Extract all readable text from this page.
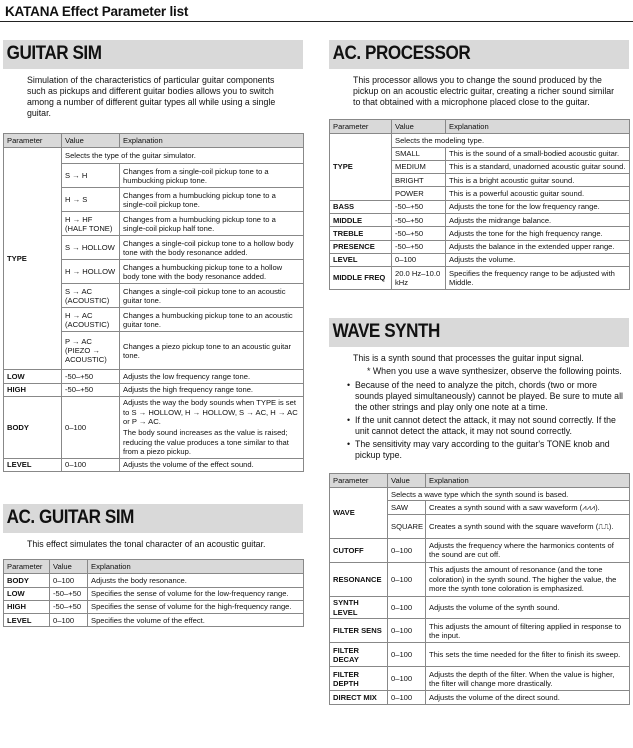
KATANA Effect Parameter list
GUITAR SIM
Simulation of the characteristics of particular guitar components such as pickups and different guitar bodies allows you to switch among a number of different guitar types all while using a single guitar.
Parameter	Value	Explanation
TYPE	Selects the type of the guitar simulator.	
	S → H	Changes from a single-coil pickup tone to a humbucking pickup tone.
	H → S	Changes from a humbucking pickup tone to a single-coil pickup tone.
	H → HF (HALF TONE)	Changes from a humbucking pickup tone to a single-coil pickup half tone.
	S → HOLLOW	Changes a single-coil pickup tone to a hollow body tone with the body resonance added.
	H → HOLLOW	Changes a humbucking pickup tone to a hollow body tone with the body resonance added.
	S → AC (ACOUSTIC)	Changes a single-coil pickup tone to an acoustic guitar tone.
	H → AC (ACOUSTIC)	Changes a humbucking pickup tone to an acoustic guitar tone.
	P → AC (PIEZO → ACOUSTIC)	Changes a piezo pickup tone to an acoustic guitar tone.
LOW	-50–+50	Adjusts the low frequency range tone.
HIGH	-50–+50	Adjusts the high frequency range tone.
BODY	0–100	Adjusts the way the body sounds when TYPE is set to S → HOLLOW, H → HOLLOW, S → AC, H → AC or P → AC.
The body sound increases as the value is raised; reducing the value produces a tone similar to that from a piezo pickup.

LEVEL	0–100	Adjusts the volume of the effect sound.
AC. GUITAR SIM
This effect simulates the tonal character of an acoustic guitar.
Parameter	Value	Explanation
BODY	0–100	Adjusts the body resonance.
LOW	-50–+50	Specifies the sense of volume for the low-frequency range.
HIGH	-50–+50	Specifies the sense of volume for the high-frequency range.
LEVEL	0–100	Specifies the volume of the effect.
AC. PROCESSOR
This processor allows you to change the sound produced by the pickup on an acoustic electric guitar, creating a richer sound similar to that obtained with a microphone placed close to the guitar.
Parameter	Value	Explanation
TYPE	Selects the modeling type.	
	SMALL	This is the sound of a small-bodied acoustic guitar.
	MEDIUM	This is a standard, unadorned acoustic guitar sound.
	BRIGHT	This is a bright acoustic guitar sound.
	POWER	This is a powerful acoustic guitar sound.
BASS	-50–+50	Adjusts the tone for the low frequency range.
MIDDLE	-50–+50	Adjusts the midrange balance.
TREBLE	-50–+50	Adjusts the tone for the high frequency range.
PRESENCE	-50–+50	Adjusts the balance in the extended upper range.
LEVEL	0–100	Adjusts the volume.
MIDDLE FREQ	20.0 Hz–10.0 kHz	Specifies the frequency range to be adjusted with Middle.
WAVE SYNTH
This is a synth sound that processes the guitar input signal.
* When you use a wave synthesizer, observe the following points.
• Because of the need to analyze the pitch, chords (two or more sounds played simultaneously) cannot be played. Be sure to mute all the other strings and play only one note at a time.
• If the unit cannot detect the attack, it may not sound correctly. If the unit cannot detect the attack, it may not sound correctly.
• The sensitivity may vary according to the guitar's TONE knob and pickup type.
Parameter	Value	Explanation
WAVE	Selects a wave type which the synth sound is based.	
	SAW	Creates a synth sound with a saw waveform (⩘⩘⩘).
	SQUARE	Creates a synth sound with the square waveform (⎍⎍).
CUTOFF	0–100	Adjusts the frequency where the harmonics contents of the sound are cut off.
RESONANCE	0–100	This adjusts the amount of resonance (and the tone coloration) in the synth sound. The higher the value, the more the synth tone coloration is emphasized.
SYNTH LEVEL	0–100	Adjusts the volume of the synth sound.
FILTER SENS	0–100	This adjusts the amount of filtering applied in response to the input.
FILTER DECAY	0–100	This sets the time needed for the filter to finish its sweep.
FILTER DEPTH	0–100	Adjusts the depth of the filter. When the value is higher, the filter will change more drastically.
DIRECT MIX	0–100	Adjusts the volume of the direct sound.
